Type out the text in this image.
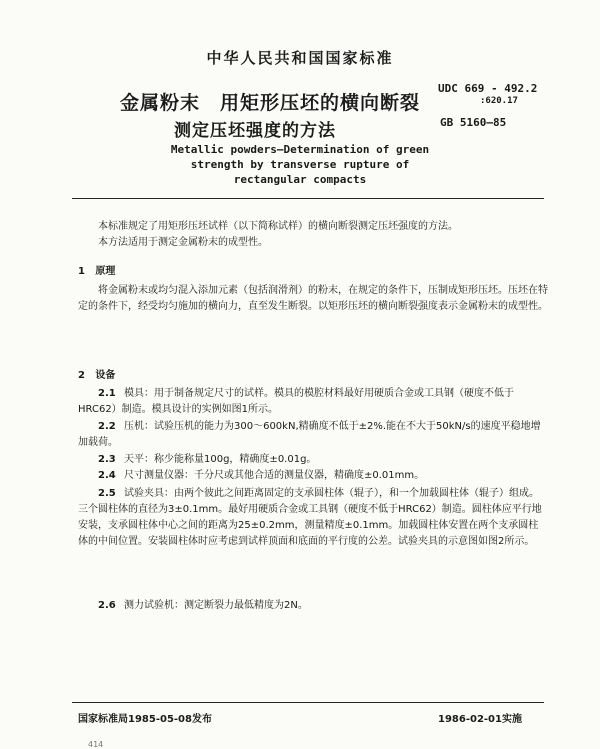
中华人民共和国国家标准
金属粉末　用矩形压坯的横向断裂
测定压坯强度的方法
UDC 669 - 492.2
:620.17
GB 5160—85
Metallic powders—Determination of green
strength by transverse rupture of
rectangular compacts
本标准规定了用矩形压坯试样（以下简称试样）的横向断裂测定压坯强度的方法。
本方法适用于测定金属粉末的成型性。
1 原理
将金属粉末或均匀混入添加元素（包括润滑剂）的粉末，在规定的条件下，压制成矩形压坯。压坯在特定的条件下，经受均匀施加的横向力，直至发生断裂。以矩形压坯的横向断裂强度表示金属粉末的成型性。
2 设备
2.1 模具：用于制备规定尺寸的试样。模具的模腔材料最好用硬质合金或工具钢（硬度不低于HRC62）制造。模具设计的实例如图1所示。
2.2 压机：试验压机的能力为300～600kN,精确度不低于±2%.能在不大于50kN/s的速度平稳地增加载荷。
2.3 天平：称少能称量100g，精确度±0.01g。
2.4 尺寸测量仪器：千分尺或其他合适的测量仪器，精确度±0.01mm。
2.5 试验夹具：由两个彼此之间距离固定的支承圆柱体（辊子），和一个加载圆柱体（辊子）组成。三个圆柱体的直径为3±0.1mm。最好用硬质合金或工具钢（硬度不低于HRC62）制造。圆柱体应平行地安装，支承圆柱体中心之间的距离为25±0.2mm，测量精度±0.1mm。加载圆柱体安置在两个支承圆柱体的中间位置。安装圆柱体时应考虑到试样顶面和底面的平行度的公差。试验夹具的示意图如图2所示。
2.6 测力试验机：测定断裂力最低精度为2N。
国家标准局1985-05-08发布	1986-02-01实施
414
